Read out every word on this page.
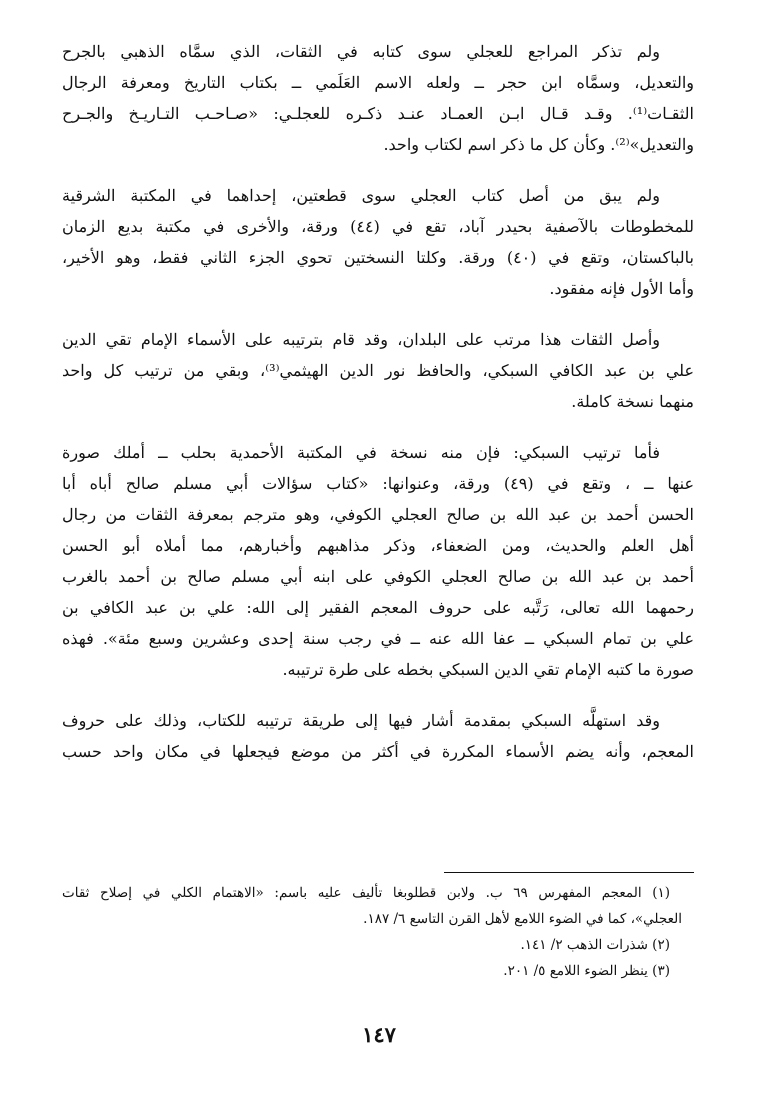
ولم تذكر المراجع للعجلي سوى كتابه في الثقات، الذي سمَّاه الذهبي بالجرح
والتعديل، وسمَّاه ابن حجر ــ ولعله الاسم العَلَمي ــ بكتاب التاريخ ومعرفة الرجال
الثقـات⁽¹⁾. وقـد قـال ابـن العمـاد عنـد ذكـره للعجلـي: «صـاحـب التـاريـخ والجـرح
والتعديل»⁽²⁾. وكأن كل ما ذكر اسم لكتاب واحد.
ولم يبق من أصل كتاب العجلي سوى قطعتين، إحداهما في المكتبة الشرقية
للمخطوطات بالآصفية بحيدر آباد، تقع في (٤٤) ورقة، والأخرى في مكتبة بديع الزمان
بالباكستان، وتقع في (٤٠) ورقة. وكلتا النسختين تحوي الجزء الثاني فقط، وهو الأخير،
وأما الأول فإنه مفقود.
وأصل الثقات هذا مرتب على البلدان، وقد قام بترتيبه على الأسماء الإمام تقي الدين
علي بن عبد الكافي السبكي، والحافظ نور الدين الهيثمي⁽³⁾، وبقي من ترتيب كل واحد
منهما نسخة كاملة.
فأما ترتيب السبكي: فإن منه نسخة في المكتبة الأحمدية بحلب ــ أملك صورة
عنها ــ ، وتقع في (٤٩) ورقة، وعنوانها: «كتاب سؤالات أبي مسلم صالح أباه أبا
الحسن أحمد بن عبد الله بن صالح العجلي الكوفي، وهو مترجم بمعرفة الثقات من رجال
أهل العلم والحديث، ومن الضعفاء، وذكر مذاهبهم وأخبارهم، مما أملاه أبو الحسن
أحمد بن عبد الله بن صالح العجلي الكوفي على ابنه أبي مسلم صالح بن أحمد بالغرب
رحمهما الله تعالى، رَتَّبه على حروف المعجم الفقير إلى الله: علي بن عبد الكافي بن
علي بن تمام السبكي ــ عفا الله عنه ــ في رجب سنة إحدى وعشرين وسبع مئة». فهذه
صورة ما كتبه الإمام تقي الدين السبكي بخطه على طرة ترتيبه.
وقد استهلَّه السبكي بمقدمة أشار فيها إلى طريقة ترتيبه للكتاب، وذلك على حروف
المعجم، وأنه يضم الأسماء المكررة في أكثر من موضع فيجعلها في مكان واحد حسب
(١) المعجم المفهرس ٦٩ ب. ولابن قطلوبغا تأليف عليه باسم: «الاهتمام الكلي في إصلاح ثقات
العجلي»، كما في الضوء اللامع لأهل القرن التاسع ٦/ ١٨٧.
(٢) شذرات الذهب ٢/ ١٤١.
(٣) ينظر الضوء اللامع ٥/ ٢٠١.
١٤٧
